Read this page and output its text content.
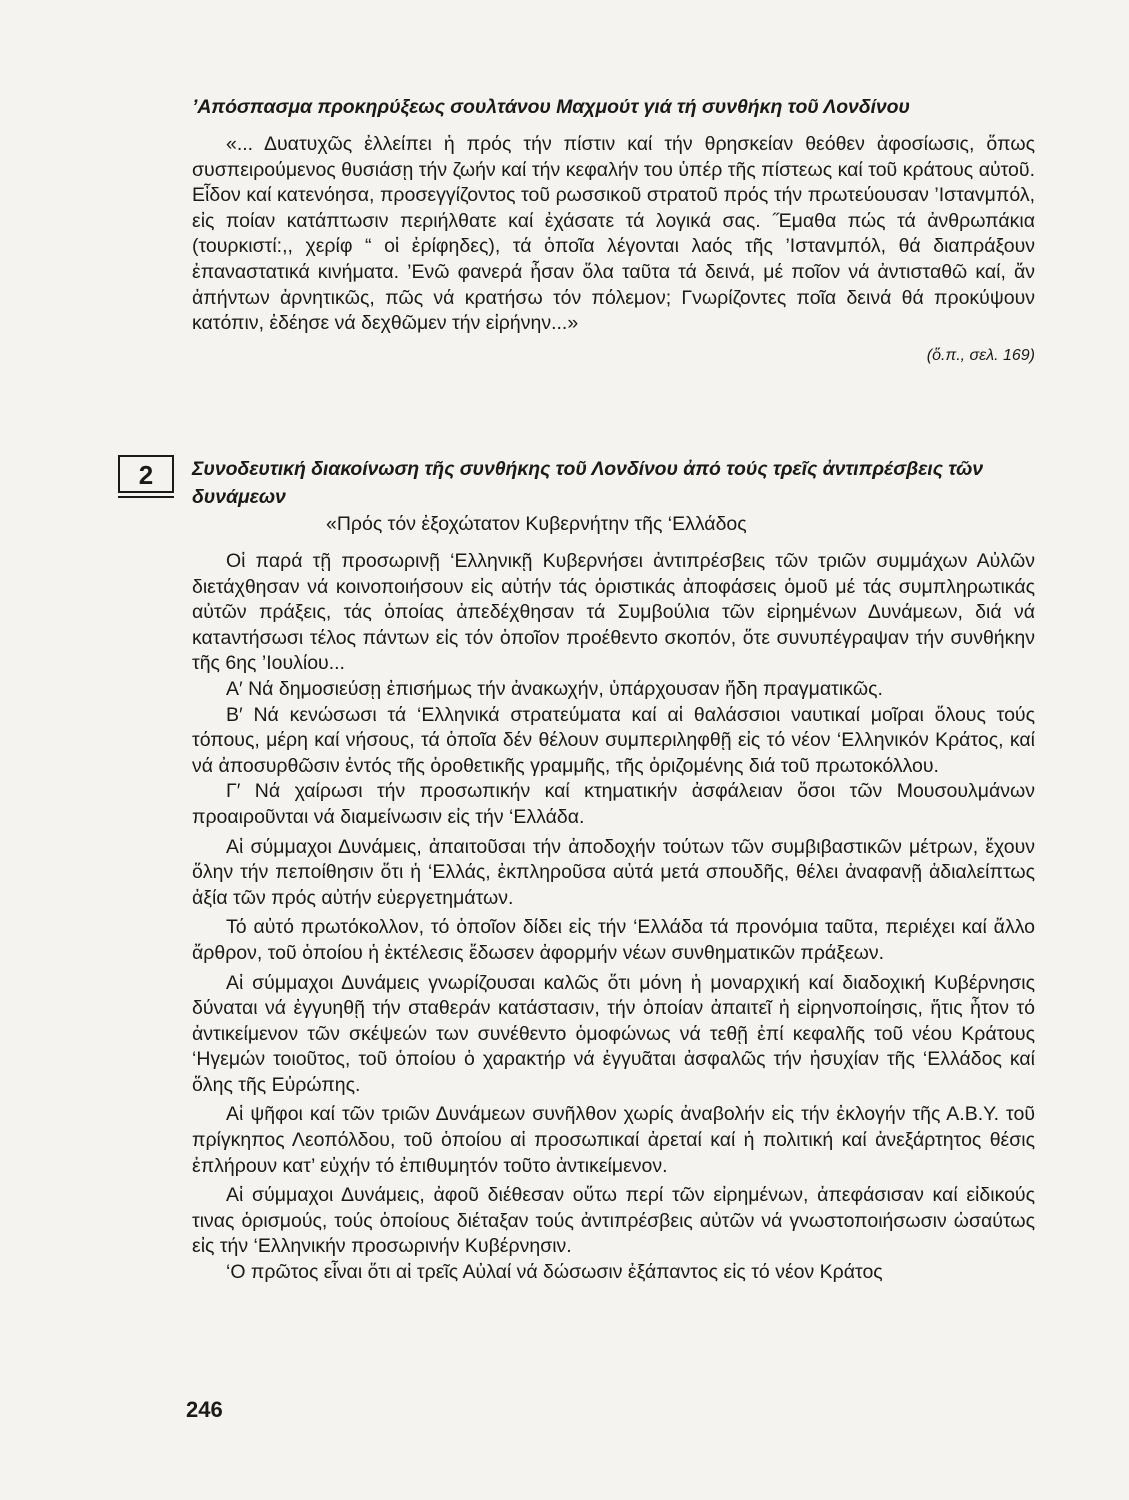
’Απόσπασμα προκηρύξεως σουλτάνου Μαχμούτ γιά τή συνθήκη τοῦ Λονδίνου

«... Δυατυχῶς ἐλλείπει ἡ πρός τήν πίστιν καί τήν θρησκείαν θεόθεν ἀφοσίωσις, ὅπως συσπειρούμενος θυσιάσῃ τήν ζωήν καί τήν κεφαλήν του ὑπέρ τῆς πίστεως καί τοῦ κράτους αὐτοῦ. Εἶδον καί κατενόησα, προσεγγίζοντος τοῦ ρωσσικοῦ στρατοῦ πρός τήν πρωτεύουσαν ’Ισταvμπόλ, εἰς ποίαν κατάπτωσιν περιήλθατε καί ἐχάσατε τά λογικά σας. ˝Εμαθα πώς τά ἀνθρωπάκια (τουρκιστί:,, χερίφ “ οἱ ἐρίφηδες), τά ὁποῖα λέγονται λαός τῆς ’Ισταvμπόλ, θά διαπράξουν ἐπαναστατικά κινήματα. ’Ενῶ φανερά ἦσαν ὅλα ταῦτα τά δεινά, μέ ποῖον νά ἀντισταθῶ καί, ἄν ἀπήντων ἀρνητικῶς, πῶς νά κρατήσω τόν πόλεμον; Γνωρίζοντες ποῖα δεινά θά προκύψουν κατόπιν, ἐδέησε νά δεχθῶμεν τήν εἰρήνην...»

(ὅ.π., σελ. 169)

2	Συνοδευτική διακοίνωση τῆς συνθήκης τοῦ Λονδίνου ἀπό τούς τρεῖς ἀντιπρέσβεις τῶν δυνάμεων

«Πρός τόν ἐξοχώτατον Κυβερνήτην τῆς ‘Ελλάδος

Οἱ παρά τῇ προσωρινῇ ‘Ελληνικῇ Κυβερνήσει ἀντιπρέσβεις τῶν τριῶν συμμάχων Αὐλῶν διετάχθησαν νά κοινοποιήσουν εἰς αὐτήν τάς ὁριστικάς ἀποφάσεις ὁμοῦ μέ τάς συμπληρωτικάς αὐτῶν πράξεις, τάς ὁποίας ἀπεδέχθησαν τά Συμβούλια τῶν εἰρημένων Δυνάμεων, διά νά κατaντήσωσι τέλος πάντων εἰς τόν ὁποῖον προέθεντο σκοπόν, ὅτε συνυπέγραψαν τήν συνθήκην τῆς 6ης ’Ιουλίου...

Α′ Νά δημοσιεύσῃ ἐπισήμως τήν ἀνακωχήν, ὑπάρχουσαν ἤδη πραγματικῶς.

Β′ Νά κενώσωσι τά ‘Ελληνικά στρατεύματα καί αἱ θαλάσσιοι ναυτικαί μοῖραι ὅλους τούς τόπους, μέρη καί νήσους, τά ὁποῖα δέν θέλουν συμπεριληφθῇ εἰς τό νέον ‘Ελληνικόν Κράτος, καί νά ἀποσυρθῶσιν ἐντός τῆς ὁροθετικῆς γραμμῆς, τῆς ὁριζομένης διά τοῦ πρωτοκόλλου.

Γ′ Νά χαίρωσι τήν προσωπικήν καί κτηματικήν ἀσφάλειαν ὅσοι τῶν Μουσουλμάνων προαιροῦνται νά διαμείνωσιν εἰς τήν ‘Ελλάδα.

Αἱ σύμμαχοι Δυνάμεις, ἀπαιτοῦσαι τήν ἀποδοχήν τούτων τῶν συμβιβαστικῶν μέτρων, ἔχουν ὅλην τήν πεποίθησιν ὅτι ἡ ‘Ελλάς, ἐκπληροῦσα αὐτά μετά σπουδῆς, θέλει ἀναφανῇ ἀδιαλείπτως ἀξία τῶν πρός αὐτήν εὐεργετημάτων.

Τό αὐτό πρωτόκολλον, τό ὁποῖον δίδει εἰς τήν ‘Ελλάδα τά προνόμια ταῦτα, περιέχει καί ἄλλο ἄρθρον, τοῦ ὁποίου ἡ ἐκτέλεσις ἔδωσεν ἀφορμήν νέων συνθηματικῶν πράξεων.

Αἱ σύμμαχοι Δυνάμεις γνωρίζουσαι καλῶς ὅτι μόνη ἡ μοναρχική καί διαδοχική Κυβέρνησις δύναται νά ἐγγυηθῇ τήν σταθεράν κατάστασιν, τήν ὁποίαν ἀπαιτεῖ ἡ εἰρηνοποίησις, ἥτις ἦτον τό ἀντικείμενον τῶν σκέψεών των συνέθεντο ὁμοφώνως νά τεθῇ ἐπί κεφαλῆς τοῦ νέου Κράτους ‘Ηγεμών τοιοῦτος, τοῦ ὁποίου ὁ χαρακτήρ νά ἐγγυᾶται ἀσφαλῶς τήν ἡσυχίαν τῆς ‘Ελλάδος καί ὅλης τῆς Εὐρώπης.

Αἱ ψῆφοι καί τῶν τριῶν Δυνάμεων συνῆλθον χωρίς ἀναβολήν εἰς τήν ἐκλογήν τῆς Α.Β.Υ. τοῦ πρίγκηπος Λεοπόλδου, τοῦ ὁποίου αἱ προσωπικαί ἀρεταί καί ἡ πολιτική καί ἀνεξάρτητος θέσις ἐπλήρουν κατ’ εὐχήν τό ἐπιθυμητόν τοῦτο ἀντικείμενον.

Αἱ σύμμαχοι Δυνάμεις, ἀφοῦ διέθεσαν οὕτω περί τῶν εἰρημένων, ἀπεφάσισαν καί εἰδικούς τινας ὁρισμούς, τούς ὁποίους διέταξαν τούς ἀντιπρέσβεις αὐτῶν νά γνωστοποιήσωσιν ὡσαύτως εἰς τήν ‘Ελληνικήν προσωρινήν Κυβέρνησιν.

‘Ο πρῶτος εἶναι ὅτι αἱ τρεῖς Αὐλαί νά δώσωσιν ἐξάπαντος εἰς τό νέον Κράτος

246
